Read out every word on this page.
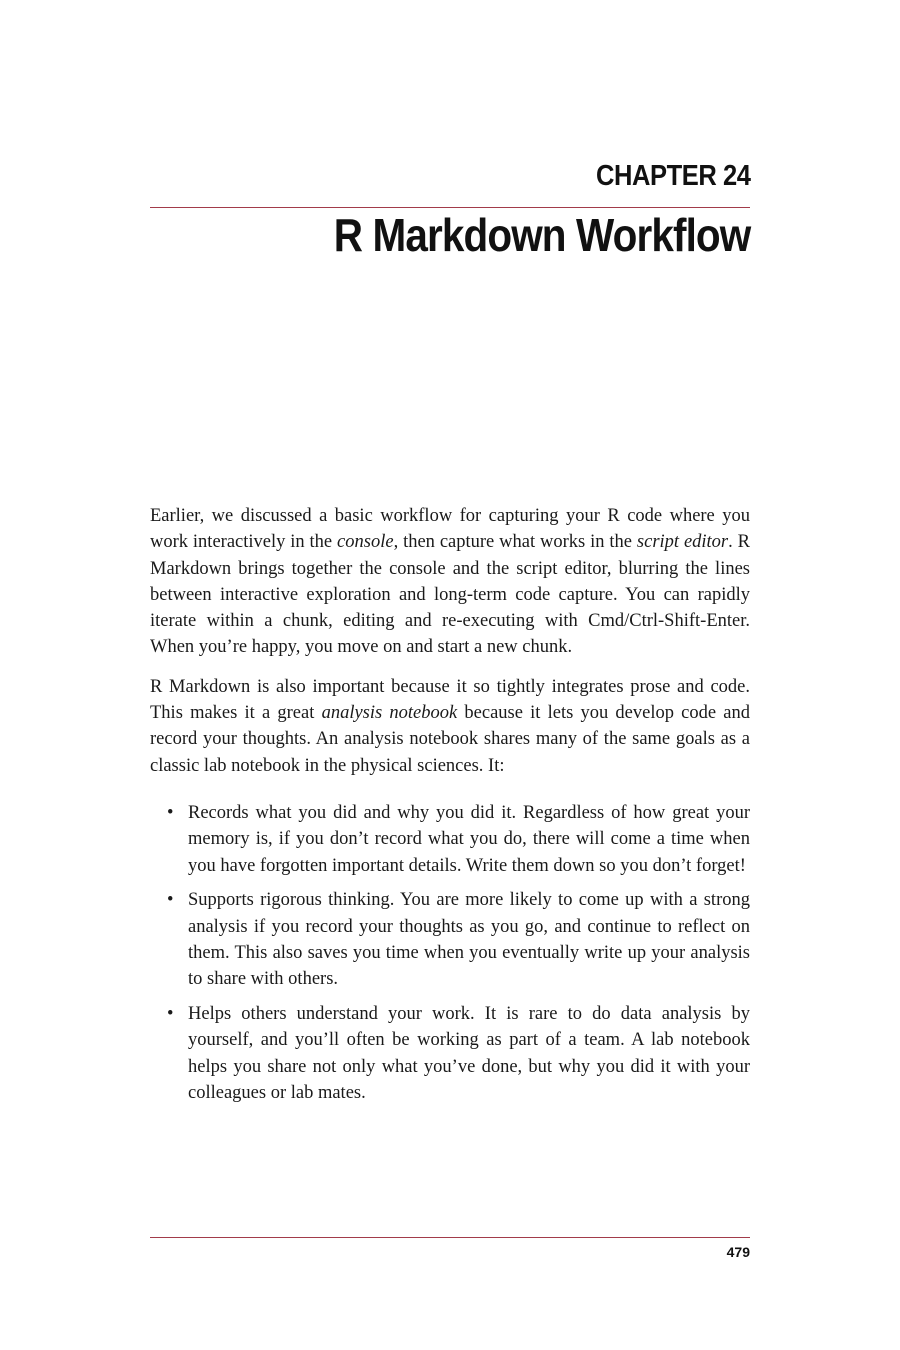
CHAPTER 24
R Markdown Workflow

Earlier, we discussed a basic workflow for capturing your R code where you work interactively in the console, then capture what works in the script editor. R Markdown brings together the console and the script editor, blurring the lines between interactive exploration and long-term code capture. You can rapidly iterate within a chunk, editing and re-executing with Cmd/Ctrl-Shift-Enter. When you’re happy, you move on and start a new chunk.

R Markdown is also important because it so tightly integrates prose and code. This makes it a great analysis notebook because it lets you develop code and record your thoughts. An analysis notebook shares many of the same goals as a classic lab notebook in the physical sciences. It:

• Records what you did and why you did it. Regardless of how great your memory is, if you don’t record what you do, there will come a time when you have forgotten important details. Write them down so you don’t forget!
• Supports rigorous thinking. You are more likely to come up with a strong analysis if you record your thoughts as you go, and continue to reflect on them. This also saves you time when you eventually write up your analysis to share with others.
• Helps others understand your work. It is rare to do data analysis by yourself, and you’ll often be working as part of a team. A lab notebook helps you share not only what you’ve done, but why you did it with your colleagues or lab mates.
479
